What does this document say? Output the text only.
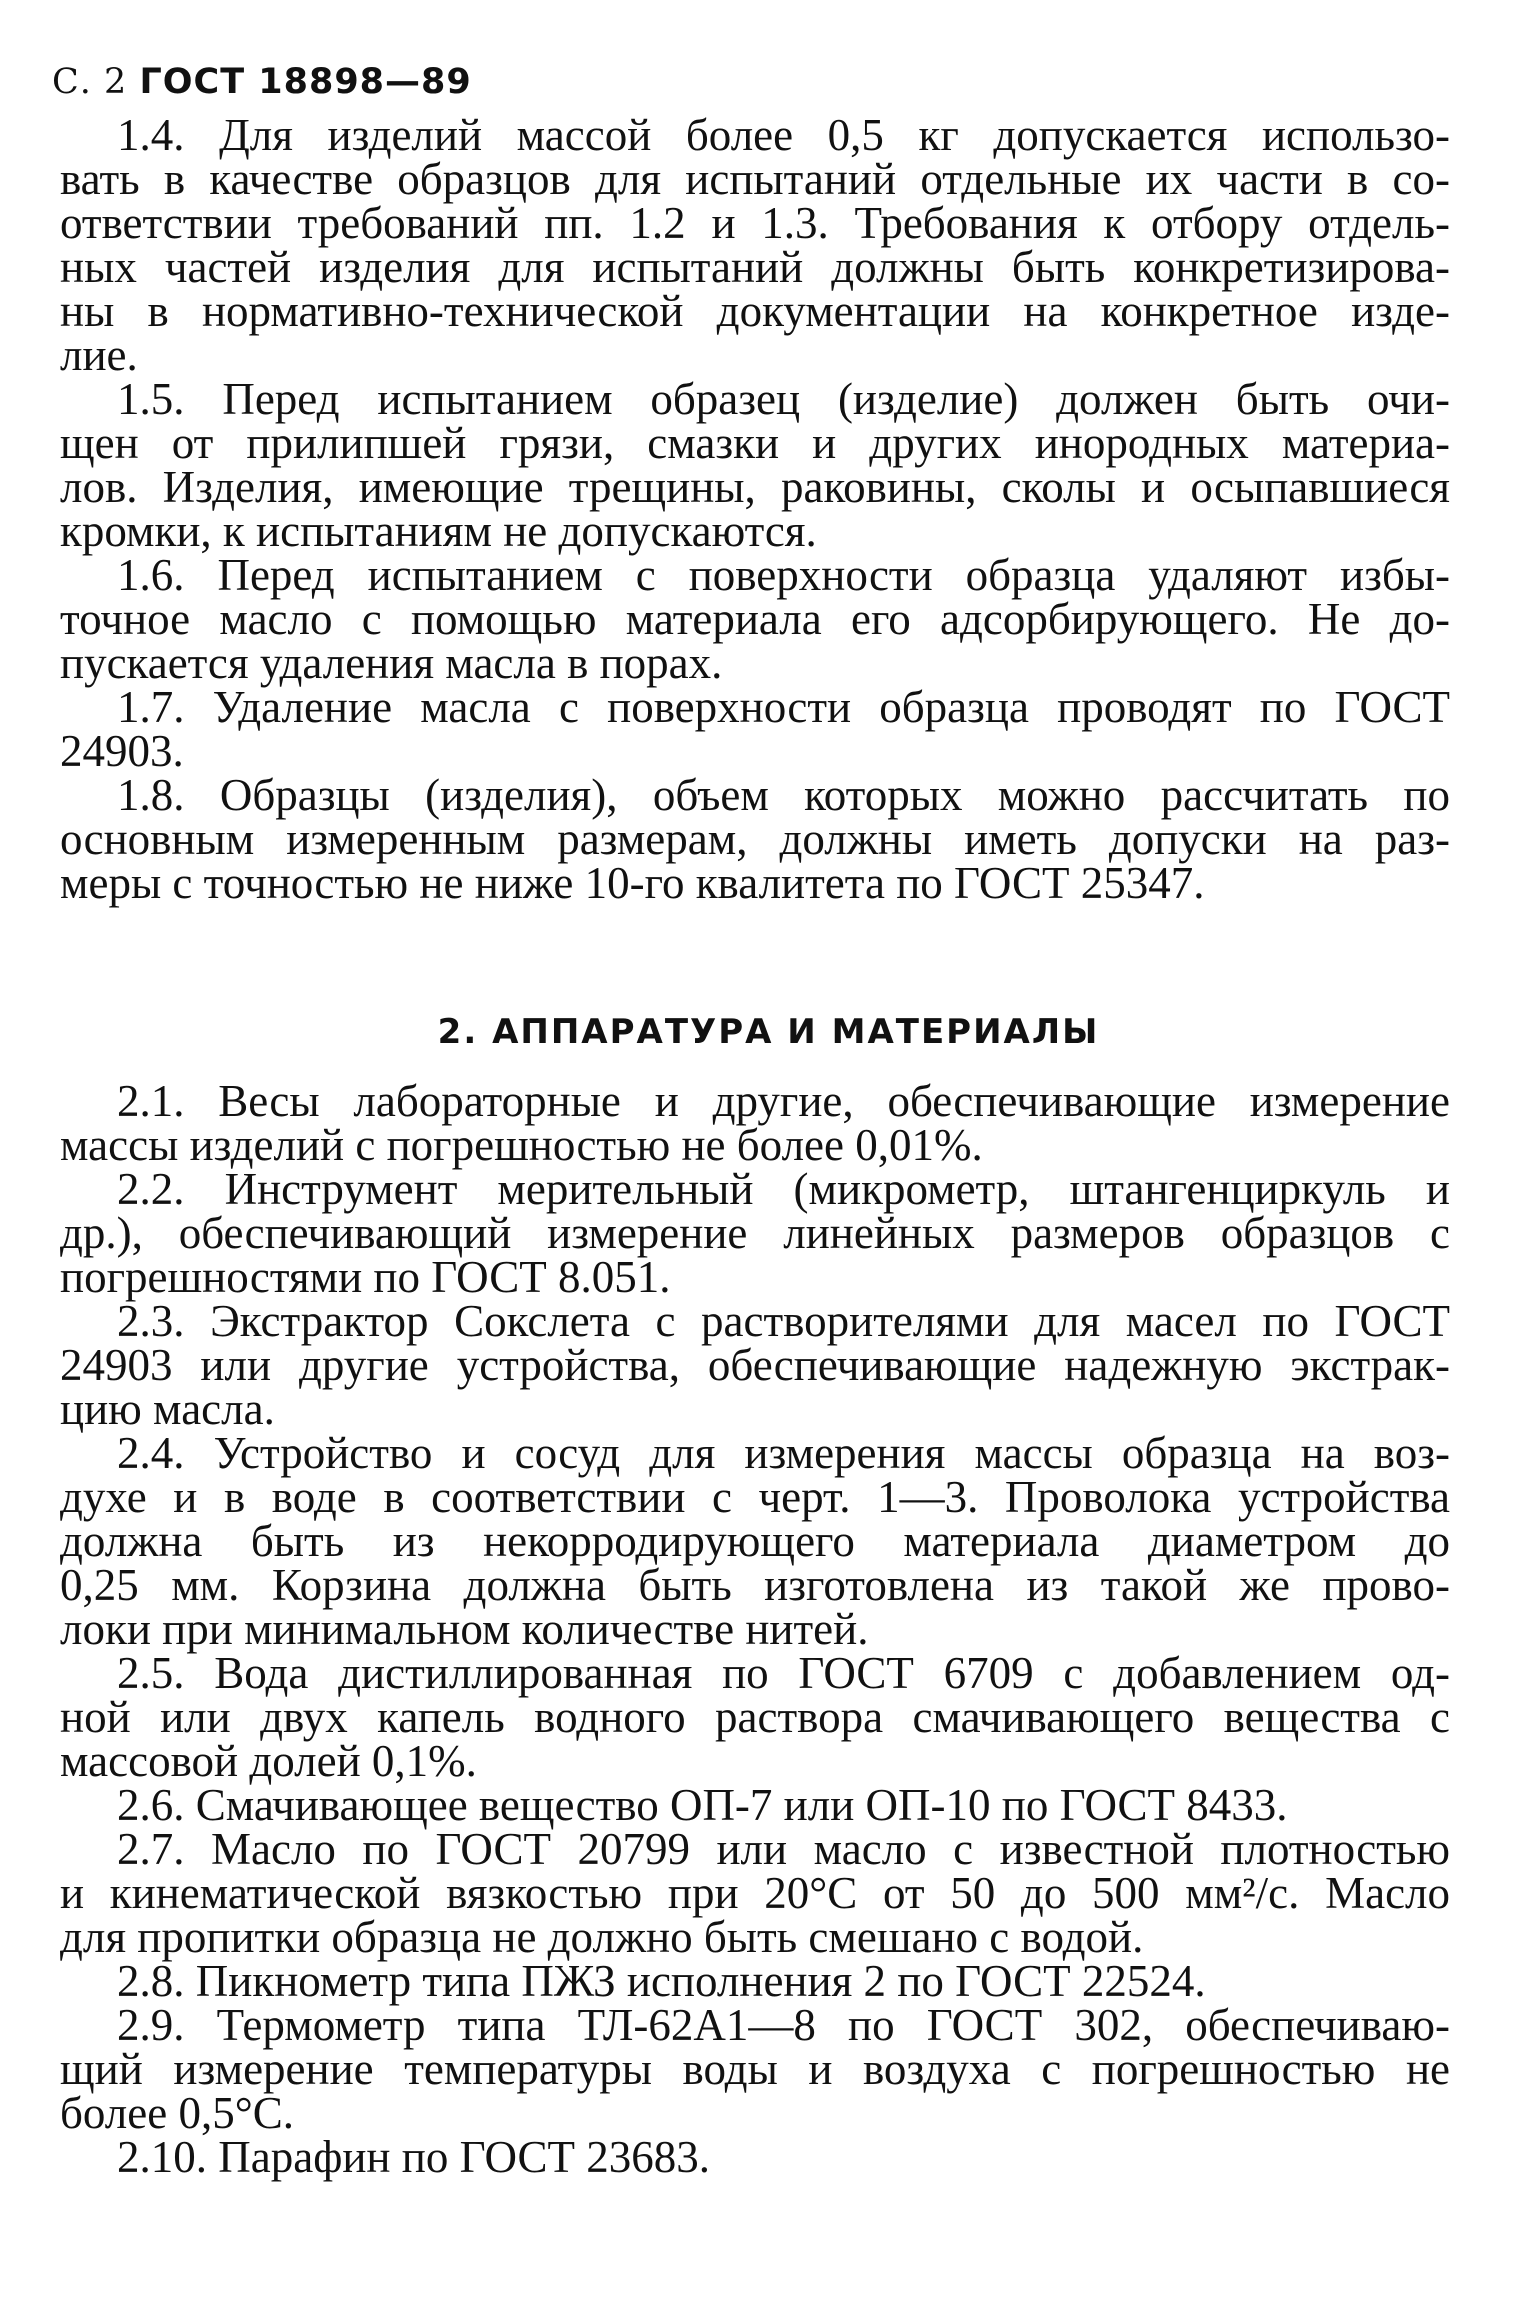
С. 2 ГОСТ 18898—89
1.4. Для изделий массой более 0,5 кг допускается использо-
вать в качестве образцов для испытаний отдельные их части в со-
ответствии требований пп. 1.2 и 1.3. Требования к отбору отдель-
ных частей изделия для испытаний должны быть конкретизирова-
ны в нормативно-технической документации на конкретное изде-
лие.
1.5. Перед испытанием образец (изделие) должен быть очи-
щен от прилипшей грязи, смазки и других инородных материа-
лов. Изделия, имеющие трещины, раковины, сколы и осыпавшиеся
кромки, к испытаниям не допускаются.
1.6. Перед испытанием с поверхности образца удаляют избы-
точное масло с помощью материала его адсорбирующего. Не до-
пускается удаления масла в порах.
1.7. Удаление масла с поверхности образца проводят по ГОСТ
24903.
1.8. Образцы (изделия), объем которых можно рассчитать по
основным измеренным размерам, должны иметь допуски на раз-
меры с точностью не ниже 10-го квалитета по ГОСТ 25347.
2. АППАРАТУРА И МАТЕРИАЛЫ
2.1. Весы лабораторные и другие, обеспечивающие измерение
массы изделий с погрешностью не более 0,01%.
2.2. Инструмент мерительный (микрометр, штангенциркуль и
др.), обеспечивающий измерение линейных размеров образцов с
погрешностями по ГОСТ 8.051.
2.3. Экстрактор Сокслета с растворителями для масел по ГОСТ
24903 или другие устройства, обеспечивающие надежную экстрак-
цию масла.
2.4. Устройство и сосуд для измерения массы образца на воз-
духе и в воде в соответствии с черт. 1—3. Проволока устройства
должна быть из некорродирующего материала диаметром до
0,25 мм. Корзина должна быть изготовлена из такой же прово-
локи при минимальном количестве нитей.
2.5. Вода дистиллированная по ГОСТ 6709 с добавлением од-
ной или двух капель водного раствора смачивающего вещества с
массовой долей 0,1%.
2.6. Смачивающее вещество ОП-7 или ОП-10 по ГОСТ 8433.
2.7. Масло по ГОСТ 20799 или масло с известной плотностью
и кинематической вязкостью при 20°С от 50 до 500 мм²/с. Масло
для пропитки образца не должно быть смешано с водой.
2.8. Пикнометр типа ПЖЗ исполнения 2 по ГОСТ 22524.
2.9. Термометр типа ТЛ-62А1—8 по ГОСТ 302, обеспечиваю-
щий измерение температуры воды и воздуха с погрешностью не
более 0,5°С.
2.10. Парафин по ГОСТ 23683.
